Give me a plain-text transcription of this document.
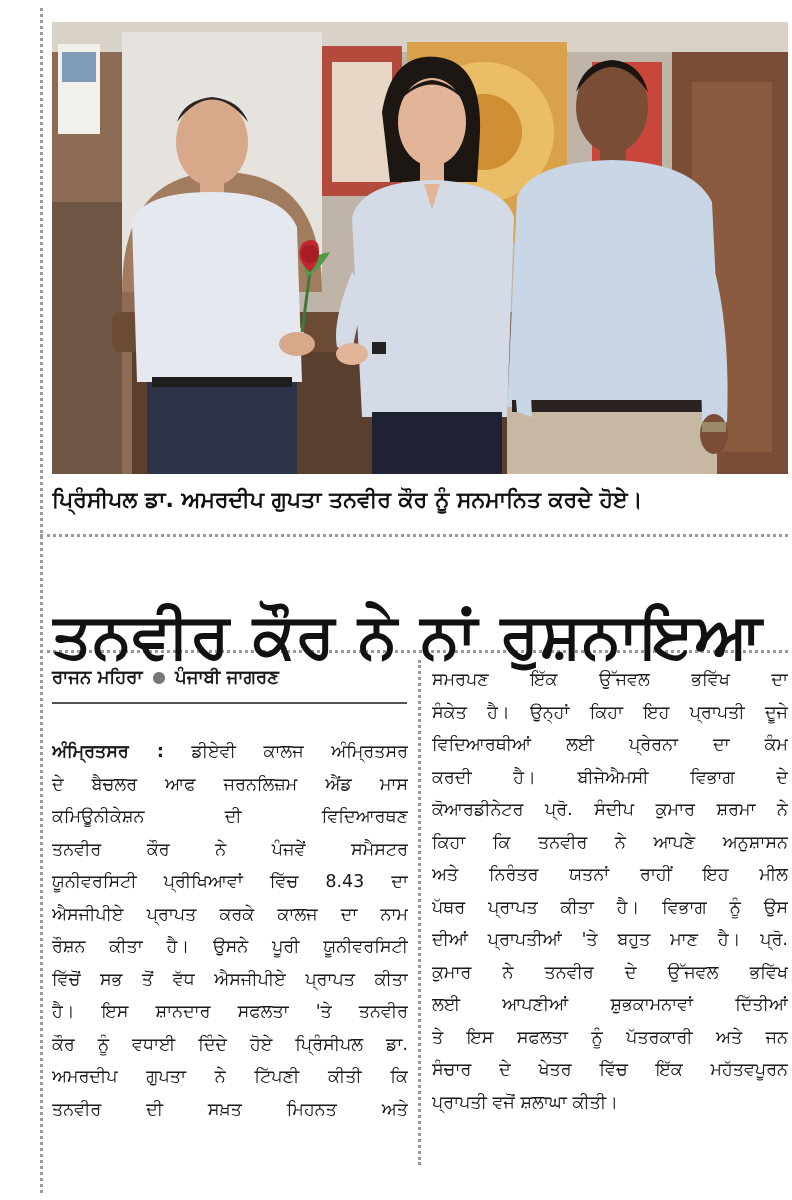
ਪ੍ਰਿੰਸੀਪਲ ਡਾ. ਅਮਰਦੀਪ ਗੁਪਤਾ ਤਨਵੀਰ ਕੌਰ ਨੂੰ ਸਨਮਾਨਿਤ ਕਰਦੇ ਹੋਏ।
ਤਨਵੀਰ ਕੌਰ ਨੇ ਨਾਂ ਰੁਸ਼ਨਾਇਆ
ਰਾਜਨ ਮਹਿਰਾ ਪੰਜਾਬੀ ਜਾਗਰਣ
ਅੰਮ੍ਰਿਤਸਰ : ਡੀਏਵੀ ਕਾਲਜ ਅੰਮ੍ਰਿਤਸਰ
ਦੇ ਬੈਚਲਰ ਆਫ ਜਰਨਲਿਜ਼ਮ ਐਂਡ ਮਾਸ
ਕਮਿਊਨੀਕੇਸ਼ਨ ਦੀ ਵਿਦਿਆਰਥਣ
ਤਨਵੀਰ ਕੌਰ ਨੇ ਪੰਜਵੇਂ ਸਮੈਸਟਰ
ਯੂਨੀਵਰਸਿਟੀ ਪ੍ਰੀਖਿਆਵਾਂ ਵਿੱਚ 8.43 ਦਾ
ਐਸਜੀਪੀਏ ਪ੍ਰਾਪਤ ਕਰਕੇ ਕਾਲਜ ਦਾ ਨਾਮ
ਰੌਸ਼ਨ ਕੀਤਾ ਹੈ। ਉਸਨੇ ਪੂਰੀ ਯੂਨੀਵਰਸਿਟੀ
ਵਿੱਚੋਂ ਸਭ ਤੋਂ ਵੱਧ ਐਸਜੀਪੀਏ ਪ੍ਰਾਪਤ ਕੀਤਾ
ਹੈ। ਇਸ ਸ਼ਾਨਦਾਰ ਸਫਲਤਾ 'ਤੇ ਤਨਵੀਰ
ਕੌਰ ਨੂੰ ਵਧਾਈ ਦਿੰਦੇ ਹੋਏ ਪ੍ਰਿੰਸੀਪਲ ਡਾ.
ਅਮਰਦੀਪ ਗੁਪਤਾ ਨੇ ਟਿੱਪਣੀ ਕੀਤੀ ਕਿ
ਤਨਵੀਰ ਦੀ ਸਖ਼ਤ ਮਿਹਨਤ ਅਤੇ
ਸਮਰਪਣ ਇੱਕ ਉੱਜਵਲ ਭਵਿੱਖ ਦਾ
ਸੰਕੇਤ ਹੈ। ਉਨ੍ਹਾਂ ਕਿਹਾ ਇਹ ਪ੍ਰਾਪਤੀ ਦੂਜੇ
ਵਿਦਿਆਰਥੀਆਂ ਲਈ ਪ੍ਰੇਰਨਾ ਦਾ ਕੰਮ
ਕਰਦੀ ਹੈ। ਬੀਜੇਐਮਸੀ ਵਿਭਾਗ ਦੇ
ਕੋਆਰਡੀਨੇਟਰ ਪ੍ਰੋ. ਸੰਦੀਪ ਕੁਮਾਰ ਸ਼ਰਮਾ ਨੇ
ਕਿਹਾ ਕਿ ਤਨਵੀਰ ਨੇ ਆਪਣੇ ਅਨੁਸ਼ਾਸਨ
ਅਤੇ ਨਿਰੰਤਰ ਯਤਨਾਂ ਰਾਹੀਂ ਇਹ ਮੀਲ
ਪੱਥਰ ਪ੍ਰਾਪਤ ਕੀਤਾ ਹੈ। ਵਿਭਾਗ ਨੂੰ ਉਸ
ਦੀਆਂ ਪ੍ਰਾਪਤੀਆਂ 'ਤੇ ਬਹੁਤ ਮਾਣ ਹੈ। ਪ੍ਰੋ.
ਕੁਮਾਰ ਨੇ ਤਨਵੀਰ ਦੇ ਉੱਜਵਲ ਭਵਿੱਖ
ਲਈ ਆਪਣੀਆਂ ਸ਼ੁਭਕਾਮਨਾਵਾਂ ਦਿੱਤੀਆਂ
ਤੇ ਇਸ ਸਫਲਤਾ ਨੂੰ ਪੱਤਰਕਾਰੀ ਅਤੇ ਜਨ
ਸੰਚਾਰ ਦੇ ਖੇਤਰ ਵਿੱਚ ਇੱਕ ਮਹੱਤਵਪੂਰਨ
ਪ੍ਰਾਪਤੀ ਵਜੋਂ ਸ਼ਲਾਘਾ ਕੀਤੀ।
